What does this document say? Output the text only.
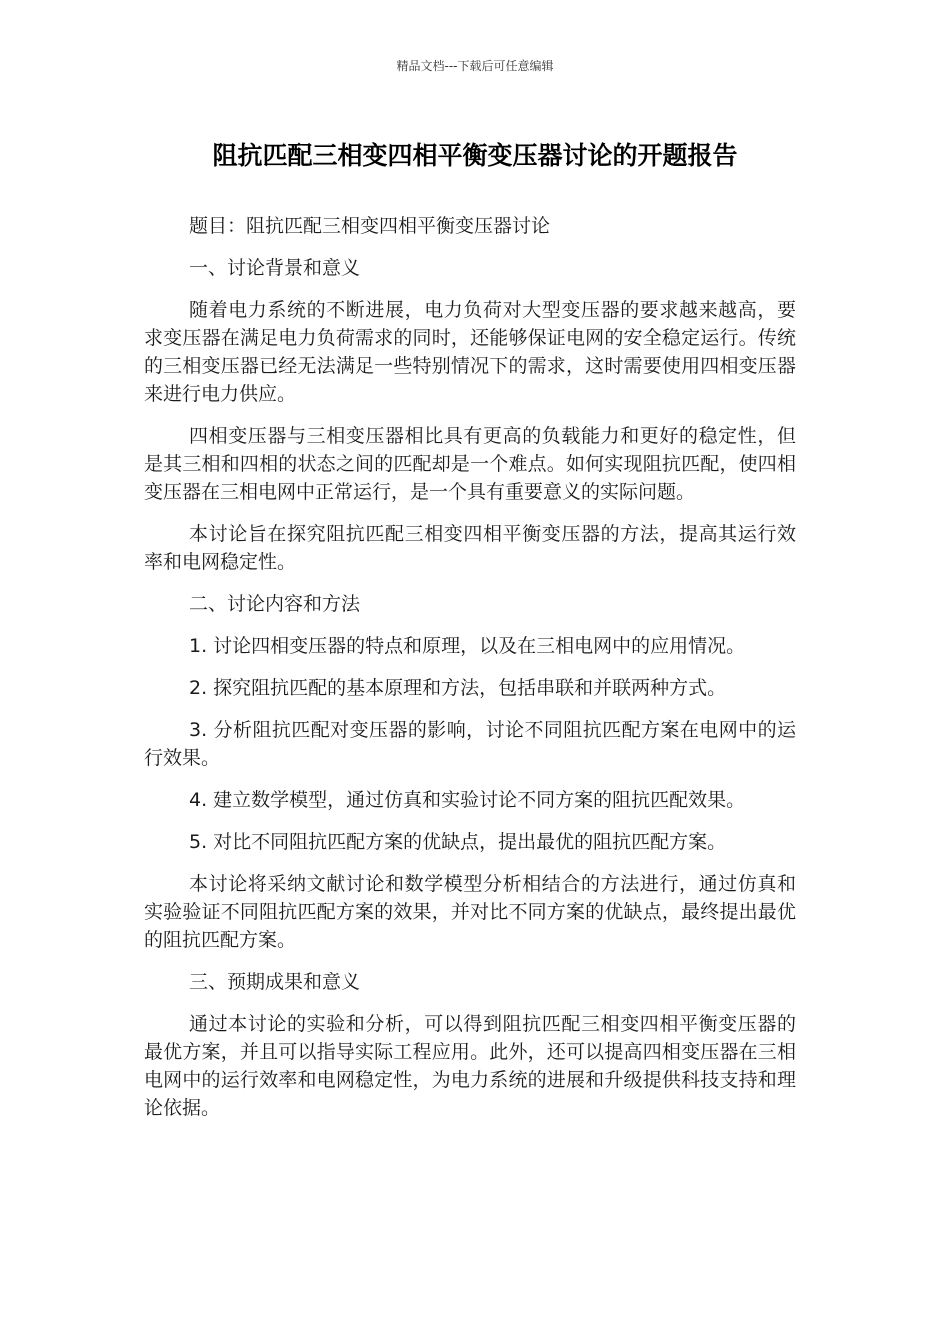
精品文档---下载后可任意编辑
阻抗匹配三相变四相平衡变压器讨论的开题报告

题目：阻抗匹配三相变四相平衡变压器讨论

一、讨论背景和意义

随着电力系统的不断进展，电力负荷对大型变压器的要求越来越高，要求变压器在满足电力负荷需求的同时，还能够保证电网的安全稳定运行。传统的三相变压器已经无法满足一些特别情况下的需求，这时需要使用四相变压器来进行电力供应。

四相变压器与三相变压器相比具有更高的负载能力和更好的稳定性，但是其三相和四相的状态之间的匹配却是一个难点。如何实现阻抗匹配，使四相变压器在三相电网中正常运行，是一个具有重要意义的实际问题。

本讨论旨在探究阻抗匹配三相变四相平衡变压器的方法，提高其运行效率和电网稳定性。

二、讨论内容和方法

1. 讨论四相变压器的特点和原理，以及在三相电网中的应用情况。

2. 探究阻抗匹配的基本原理和方法，包括串联和并联两种方式。

3. 分析阻抗匹配对变压器的影响，讨论不同阻抗匹配方案在电网中的运行效果。

4. 建立数学模型，通过仿真和实验讨论不同方案的阻抗匹配效果。

5. 对比不同阻抗匹配方案的优缺点，提出最优的阻抗匹配方案。

本讨论将采纳文献讨论和数学模型分析相结合的方法进行，通过仿真和实验验证不同阻抗匹配方案的效果，并对比不同方案的优缺点，最终提出最优的阻抗匹配方案。

三、预期成果和意义

通过本讨论的实验和分析，可以得到阻抗匹配三相变四相平衡变压器的最优方案，并且可以指导实际工程应用。此外，还可以提高四相变压器在三相电网中的运行效率和电网稳定性，为电力系统的进展和升级提供科技支持和理论依据。
